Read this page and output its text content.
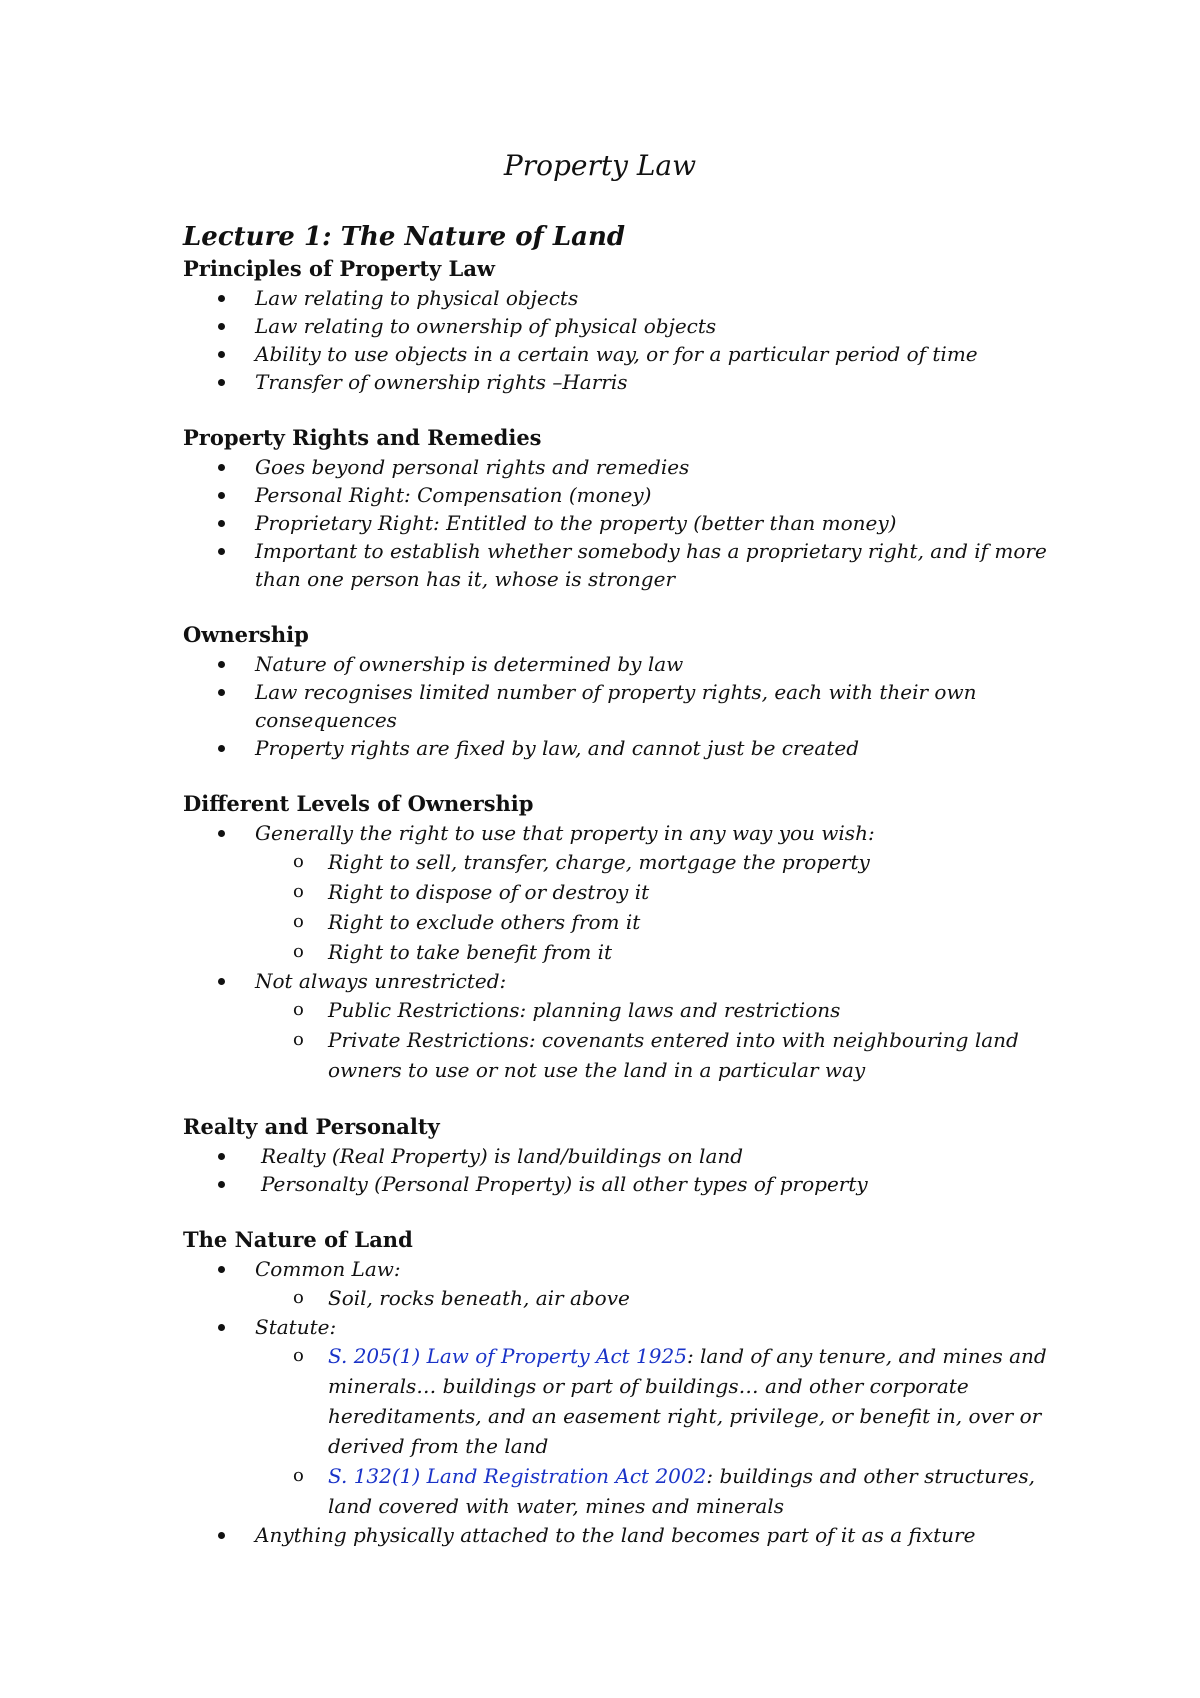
Property Law
Lecture 1: The Nature of Land
Principles of Property Law
Law relating to physical objects
Law relating to ownership of physical objects
Ability to use objects in a certain way, or for a particular period of time
Transfer of ownership rights –Harris
Property Rights and Remedies
Goes beyond personal rights and remedies
Personal Right: Compensation (money)
Proprietary Right: Entitled to the property (better than money)
Important to establish whether somebody has a proprietary right, and if more than one person has it, whose is stronger
Ownership
Nature of ownership is determined by law
Law recognises limited number of property rights, each with their own consequences
Property rights are fixed by law, and cannot just be created
Different Levels of Ownership
Generally the right to use that property in any way you wish:
o Right to sell, transfer, charge, mortgage the property
o Right to dispose of or destroy it
o Right to exclude others from it
o Right to take benefit from it
Not always unrestricted:
o Public Restrictions: planning laws and restrictions
o Private Restrictions: covenants entered into with neighbouring land owners to use or not use the land in a particular way
Realty and Personalty
Realty (Real Property) is land/buildings on land
Personalty (Personal Property) is all other types of property
The Nature of Land
Common Law:
o Soil, rocks beneath, air above
Statute:
o S. 205(1) Law of Property Act 1925: land of any tenure, and mines and minerals… buildings or part of buildings… and other corporate hereditaments, and an easement right, privilege, or benefit in, over or derived from the land
o S. 132(1) Land Registration Act 2002: buildings and other structures, land covered with water, mines and minerals
Anything physically attached to the land becomes part of it as a fixture
